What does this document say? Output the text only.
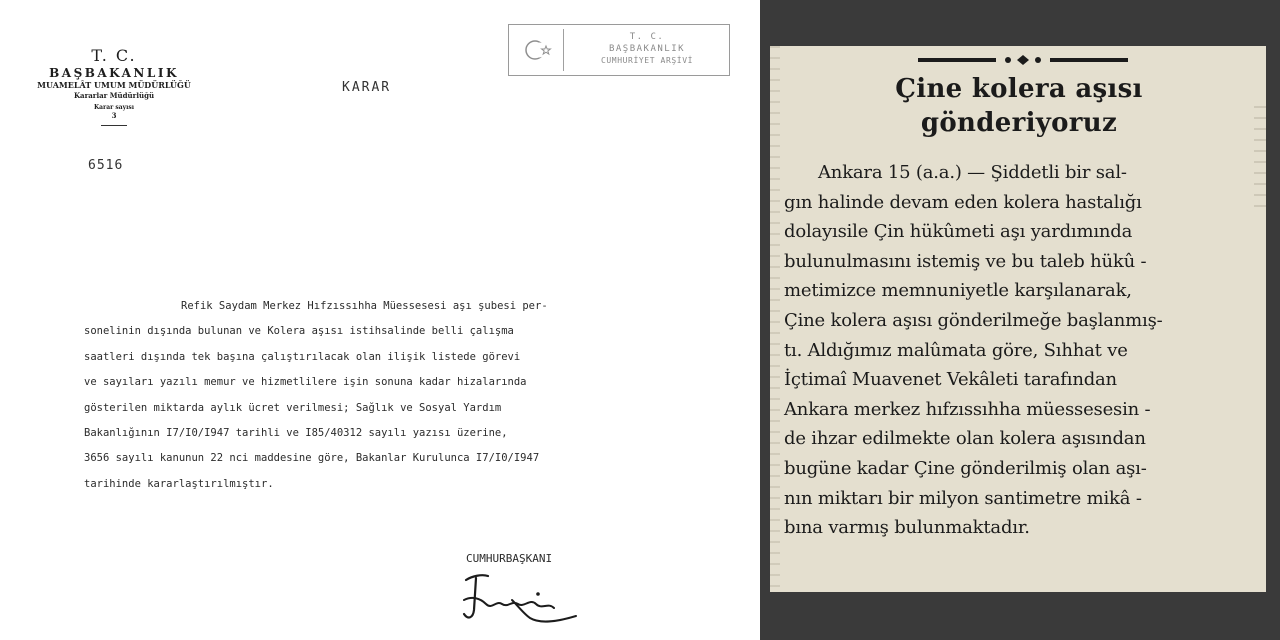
T. C.
BAŞBAKANLIK
MUAMELÂT UMUM MÜDÜRLÜĞÜ
Kararlar Müdürlüğü
Karar sayısı
3
6516
KARAR
T. C.
BAŞBAKANLIK
CUMHURİYET ARŞİVİ
Refik Saydam Merkez Hıfzıssıhha Müessesesi aşı şubesi per-
sonelinin dışında bulunan ve Kolera aşısı istihsalinde belli çalışma
saatleri dışında tek başına çalıştırılacak olan ilişik listede görevi
ve sayıları yazılı memur ve hizmetlilere işin sonuna kadar hizalarında
gösterilen miktarda aylık ücret verilmesi; Sağlık ve Sosyal Yardım
Bakanlığının I7/I0/I947 tarihli ve I85/40312 sayılı yazısı üzerine,
3656 sayılı kanunun 22 nci maddesine göre, Bakanlar Kurulunca I7/I0/I947
tarihinde kararlaştırılmıştır.
CUMHURBAŞKANI
Çine kolera aşısı
gönderiyoruz
Ankara 15 (a.a.) — Şiddetli bir sal-
gın halinde devam eden kolera hastalığı
dolayısile Çin hükûmeti aşı yardımında
bulunulmasını istemiş ve bu taleb hükû -
metimizce memnuniyetle karşılanarak,
Çine kolera aşısı gönderilmeğe başlanmış-
tı. Aldığımız malûmata göre, Sıhhat ve
İçtimaî Muavenet Vekâleti tarafından
Ankara merkez hıfzıssıhha müessesesin -
de ihzar edilmekte olan kolera aşısından
bugüne kadar Çine gönderilmiş olan aşı-
nın miktarı bir milyon santimetre mikâ -
bına varmış bulunmaktadır.
